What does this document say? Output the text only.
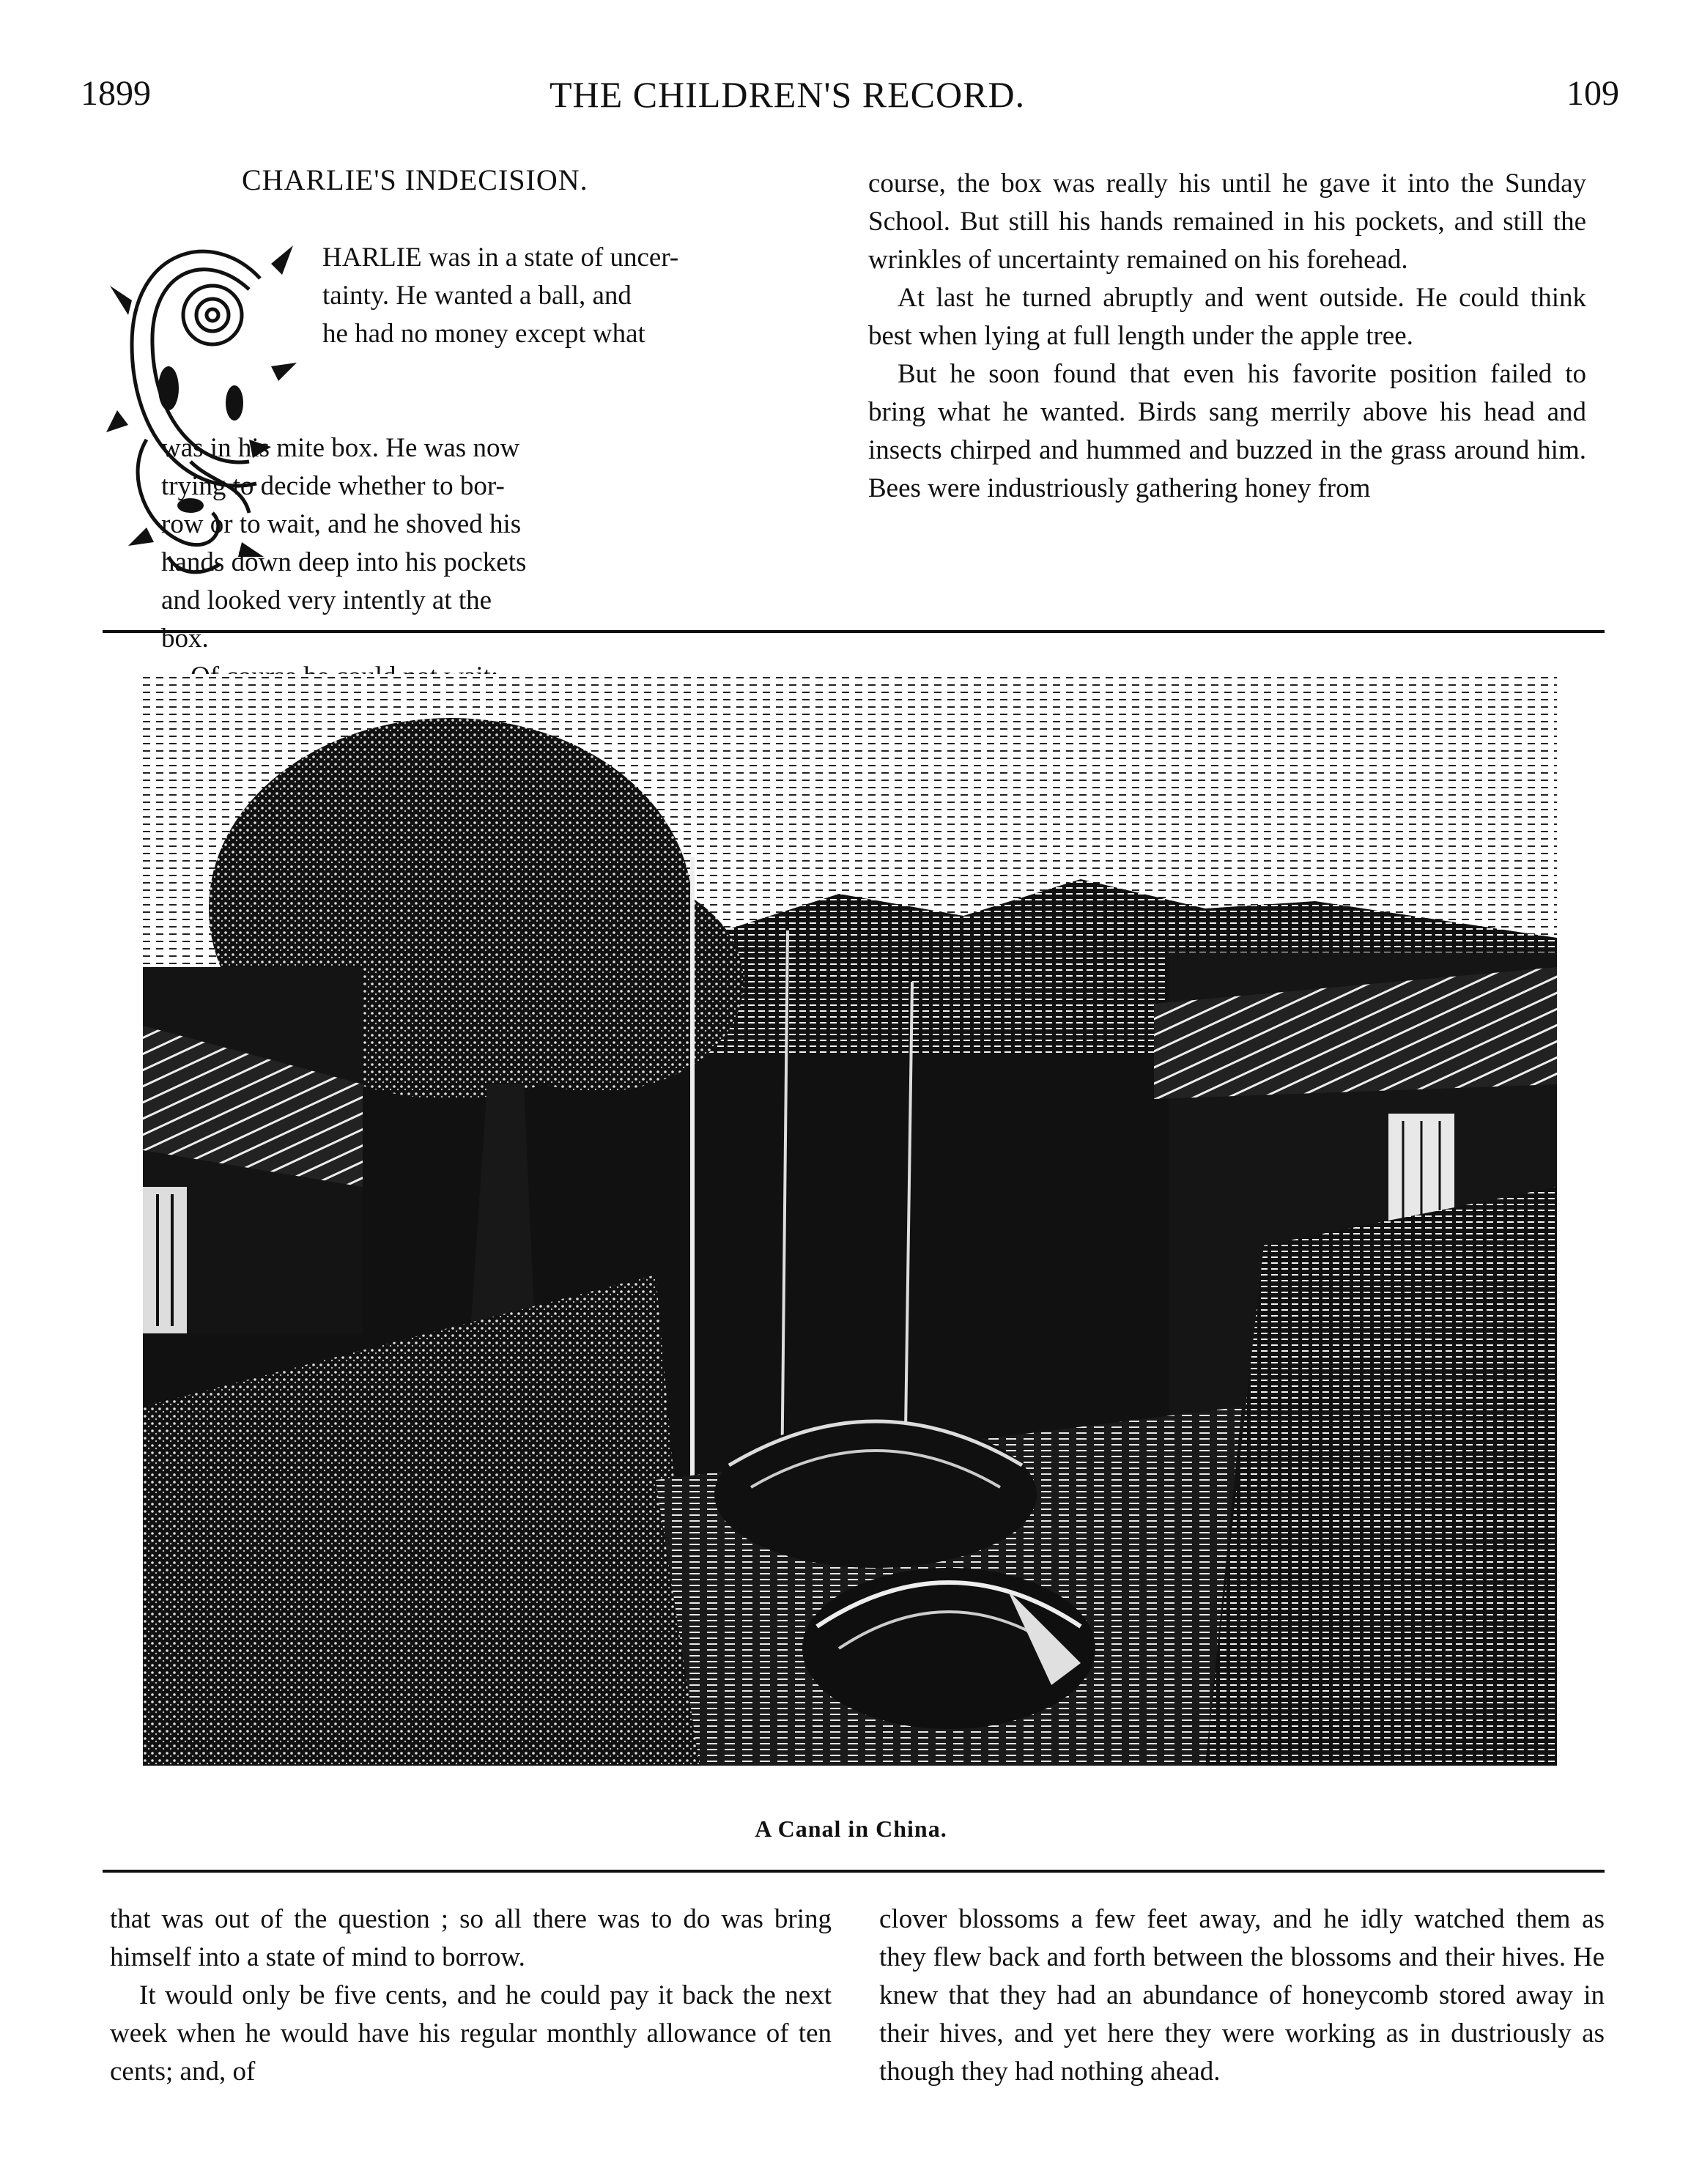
1899	THE CHILDREN'S RECORD.	109
CHARLIE'S INDECISION.

HARLIE was in a state of uncer-

tainty. He wanted a ball, and

he had no money except what

was in his mite box. He was now

trying to decide whether to bor-

row or to wait, and he shoved his

hands down deep into his pockets

and looked very intently at the

box.

course, the box was really his until he gave it into the Sunday School. But still his hands remained in his pockets, and still the wrinkles of uncertainty remained on his forehead.

At last he turned abruptly and went outside. He could think best when lying at full length under the apple tree.

But he soon found that even his favorite position failed to bring what he wanted. Birds sang merrily above his head and insects chirped and hummed and buzzed in the grass around him. Bees were industriously gathering honey from

A Canal in China.

that was out of the question ; so all there was to do was bring himself into a state of mind to borrow.

It would only be five cents, and he could pay it back the next week when he would have his regular monthly allowance of ten cents; and, of

clover blossoms a few feet away, and he idly watched them as they flew back and forth between the blossoms and their hives. He knew that they had an abundance of honeycomb stored away in their hives, and yet here they were working as in dustriously as though they had nothing ahead.
